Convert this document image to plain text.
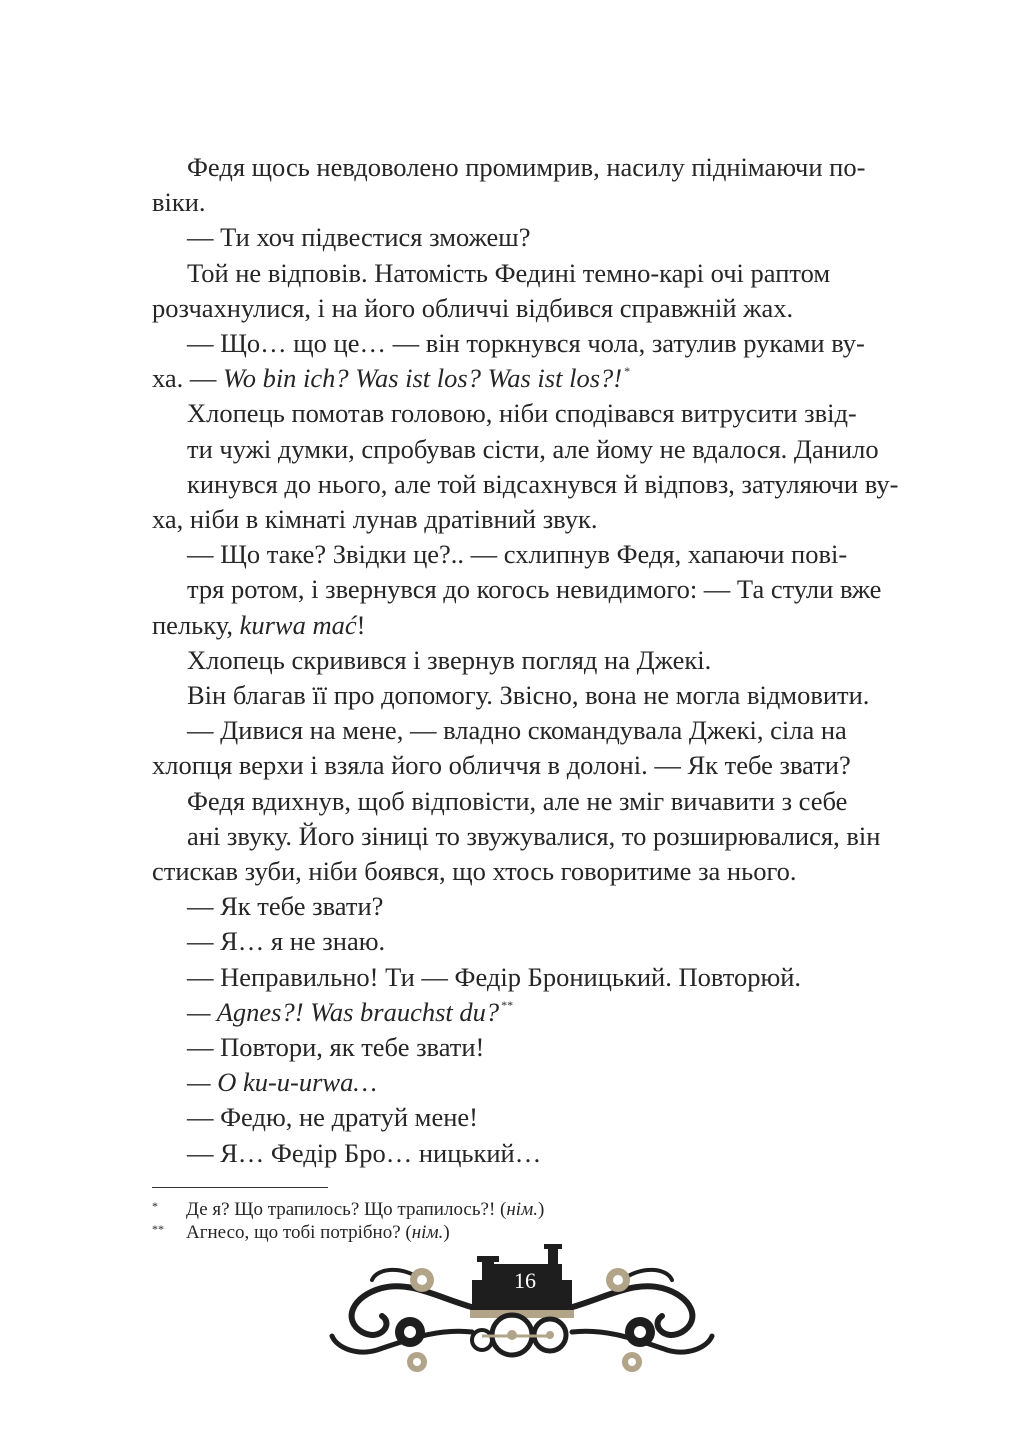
Федя щось невдоволено промимрив, насилу піднімаючи по-
віки.

— Ти хоч підвестися зможеш?

Той не відповів. Натомість Федині темно-карі очі раптом
розчахнулися, і на його обличчі відбився справжній жах.

— Що… що це… — він торкнувся чола, затулив руками ву-
ха. — Wo bin ich? Was ist los? Was ist los?! *

Хлопець помотав головою, ніби сподівався витрусити звід-
ти чужі думки, спробував сісти, але йому не вдалося. Данило
кинувся до нього, але той відсахнувся й відповз, затуляючи ву-
ха, ніби в кімнаті лунав дратівний звук.

— Що таке? Звідки це?.. — схлипнув Федя, хапаючи пові-
тря ротом, і звернувся до когось невидимого: — Та стули вже
пельку, kurwa mać!

Хлопець скривився і звернув погляд на Джекі.

Він благав її про допомогу. Звісно, вона не могла відмовити.

— Дивися на мене, — владно скомандувала Джекі, сіла на
хлопця верхи і взяла його обличчя в долоні. — Як тебе звати?

Федя вдихнув, щоб відповісти, але не зміг вичавити з себе
ані звуку. Його зіниці то звужувалися, то розширювалися, він
стискав зуби, ніби боявся, що хтось говоритиме за нього.

— Як тебе звати?

— Я… я не знаю.

— Неправильно! Ти — Федір Броницький. Повторюй.

— Agnes?! Was brauchst du? **

— Повтори, як тебе звати!

— O ku-u-urwa…

— Федю, не дратуй мене!

— Я… Федір Бро… ницький…

* Де я? Що трапилось? Що трапилось?! (нім.)
** Агнесо, що тобі потрібно? (нім.)
16
